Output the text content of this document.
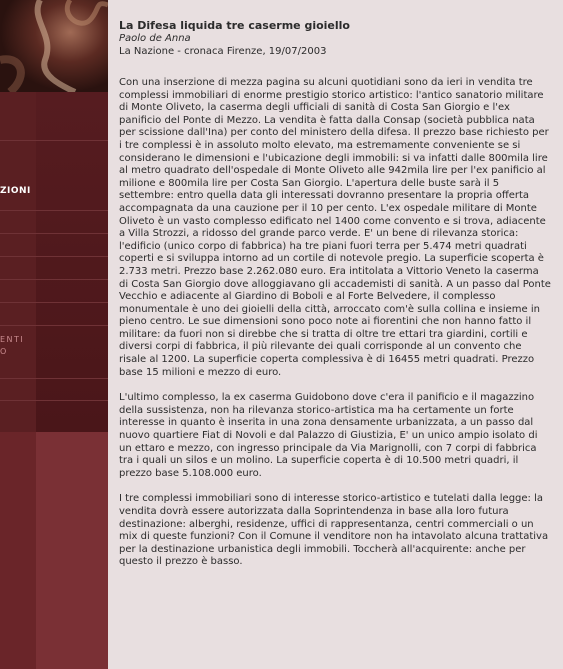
ZIONI
ENTI
O

La Difesa liquida tre caserme gioiello

Paolo de Anna

La Nazione - cronaca Firenze, 19/07/2003

Con una inserzione di mezza pagina su alcuni quotidiani sono da ieri in vendita tre complessi immobiliari di enorme prestigio storico artistico: l'antico sanatorio militare di Monte Oliveto, la caserma degli ufficiali di sanità di Costa San Giorgio e l'ex panificio del Ponte di Mezzo. La vendita è fatta dalla Consap (società pubblica nata per scissione dall'Ina) per conto del ministero della difesa. Il prezzo base richiesto per i tre complessi è in assoluto molto elevato, ma estremamente conveniente se si considerano le dimensioni e l'ubicazione degli immobili: si va infatti dalle 800mila lire al metro quadrato dell'ospedale di Monte Oliveto alle 942mila lire per l'ex panificio al milione e 800mila lire per Costa San Giorgio. L'apertura delle buste sarà il 5 settembre: entro quella data gli interessati dovranno presentare la propria offerta accompagnata da una cauzione per il 10 per cento. L'ex ospedale militare di Monte Oliveto è un vasto complesso edificato nel 1400 come convento e si trova, adiacente a Villa Strozzi, a ridosso del grande parco verde. E' un bene di rilevanza storica: l'edificio (unico corpo di fabbrica) ha tre piani fuori terra per 5.474 metri quadrati coperti e si sviluppa intorno ad un cortile di notevole pregio. La superficie scoperta è 2.733 metri. Prezzo base 2.262.080 euro. Era intitolata a Vittorio Veneto la caserma di Costa San Giorgio dove alloggiavano gli accademisti di sanità. A un passo dal Ponte Vecchio e adiacente al Giardino di Boboli e al Forte Belvedere, il complesso monumentale è uno dei gioielli della città, arroccato com'è sulla collina e insieme in pieno centro. Le sue dimensioni sono poco note ai fiorentini che non hanno fatto il militare: da fuori non si direbbe che si tratta di oltre tre ettari tra giardini, cortili e diversi corpi di fabbrica, il più rilevante dei quali corrisponde al un convento che risale al 1200. La superficie coperta complessiva è di 16455 metri quadrati. Prezzo base 15 milioni e mezzo di euro.

L'ultimo complesso, la ex caserma Guidobono dove c'era il panificio e il magazzino della sussistenza, non ha rilevanza storico-artistica ma ha certamente un forte interesse in quanto è inserita in una zona densamente urbanizzata, a un passo dal nuovo quartiere Fiat di Novoli e dal Palazzo di Giustizia, E' un unico ampio isolato di un ettaro e mezzo, con ingresso principale da Via Marignolli, con 7 corpi di fabbrica tra i quali un silos e un molino. La superficie coperta è di 10.500 metri quadri, il prezzo base 5.108.000 euro.

I tre complessi immobiliari sono di interesse storico-artistico e tutelati dalla legge: la vendita dovrà essere autorizzata dalla Soprintendenza in base alla loro futura destinazione: alberghi, residenze, uffici di rappresentanza, centri commerciali o un mix di queste funzioni? Con il Comune il venditore non ha intavolato alcuna trattativa per la destinazione urbanistica degli immobili. Toccherà all'acquirente: anche per questo il prezzo è basso.
